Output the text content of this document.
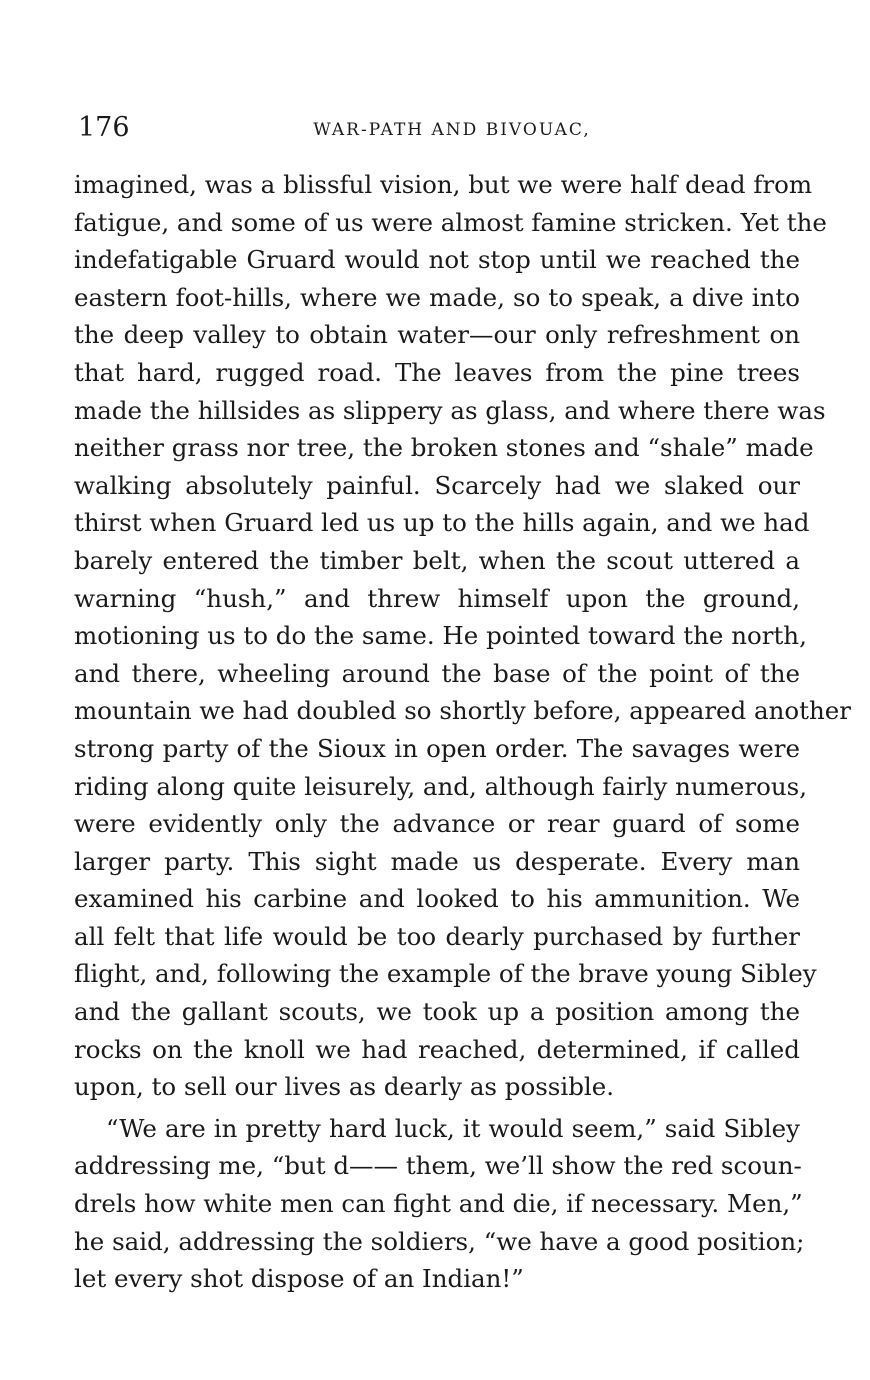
176	WAR-PATH AND BIVOUAC,
imagined, was a blissful vision, but we were half dead from
fatigue, and some of us were almost famine stricken. Yet the
indefatigable Gruard would not stop until we reached the
eastern foot-hills, where we made, so to speak, a dive into
the deep valley to obtain water—our only refreshment on
that hard, rugged road. The leaves from the pine trees
made the hillsides as slippery as glass, and where there was
neither grass nor tree, the broken stones and “shale” made
walking absolutely painful. Scarcely had we slaked our
thirst when Gruard led us up to the hills again, and we had
barely entered the timber belt, when the scout uttered a
warning “hush,” and threw himself upon the ground,
motioning us to do the same. He pointed toward the north,
and there, wheeling around the base of the point of the
mountain we had doubled so shortly before, appeared another
strong party of the Sioux in open order. The savages were
riding along quite leisurely, and, although fairly numerous,
were evidently only the advance or rear guard of some
larger party. This sight made us desperate. Every man
examined his carbine and looked to his ammunition. We
all felt that life would be too dearly purchased by further
flight, and, following the example of the brave young Sibley
and the gallant scouts, we took up a position among the
rocks on the knoll we had reached, determined, if called
upon, to sell our lives as dearly as possible.
“We are in pretty hard luck, it would seem,” said Sibley
addressing me, “but d—— them, we’ll show the red scoun-
drels how white men can fight and die, if necessary. Men,”
he said, addressing the soldiers, “we have a good position;
let every shot dispose of an Indian!”
